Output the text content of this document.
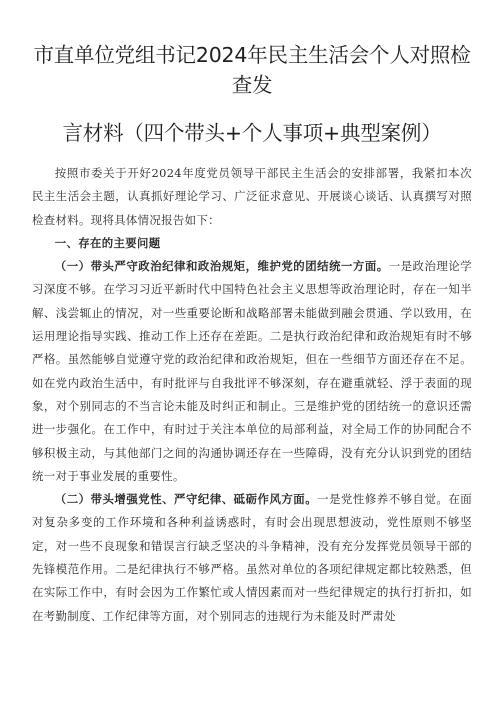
市直单位党组书记2024年民主生活会个人对照检查发
言材料（四个带头+个人事项+典型案例）

按照市委关于开好2024年度党员领导干部民主生活会的安排部署，我紧扣本次民主生活会主题，认真抓好理论学习、广泛征求意见、开展谈心谈话、认真撰写对照检查材料。现将具体情况报告如下：

一、存在的主要问题

（一）带头严守政治纪律和政治规矩，维护党的团结统一方面。一是政治理论学习深度不够。在学习习近平新时代中国特色社会主义思想等政治理论时，存在一知半解、浅尝辄止的情况，对一些重要论断和战略部署未能做到融会贯通、学以致用，在运用理论指导实践、推动工作上还存在差距。二是执行政治纪律和政治规矩有时不够严格。虽然能够自觉遵守党的政治纪律和政治规矩，但在一些细节方面还存在不足。如在党内政治生活中，有时批评与自我批评不够深刻，存在避重就轻、浮于表面的现象，对个别同志的不当言论未能及时纠正和制止。三是维护党的团结统一的意识还需进一步强化。在工作中，有时过于关注本单位的局部利益，对全局工作的协同配合不够积极主动，与其他部门之间的沟通协调还存在一些障碍，没有充分认识到党的团结统一对于事业发展的重要性。

（二）带头增强党性、严守纪律、砥砺作风方面。一是党性修养不够自觉。在面对复杂多变的工作环境和各种利益诱惑时，有时会出现思想波动，党性原则不够坚定，对一些不良现象和错误言行缺乏坚决的斗争精神，没有充分发挥党员领导干部的先锋模范作用。二是纪律执行不够严格。虽然对单位的各项纪律规定都比较熟悉，但在实际工作中，有时会因为工作繁忙或人情因素而对一些纪律规定的执行打折扣，如在考勤制度、工作纪律等方面，对个别同志的违规行为未能及时严肃处
